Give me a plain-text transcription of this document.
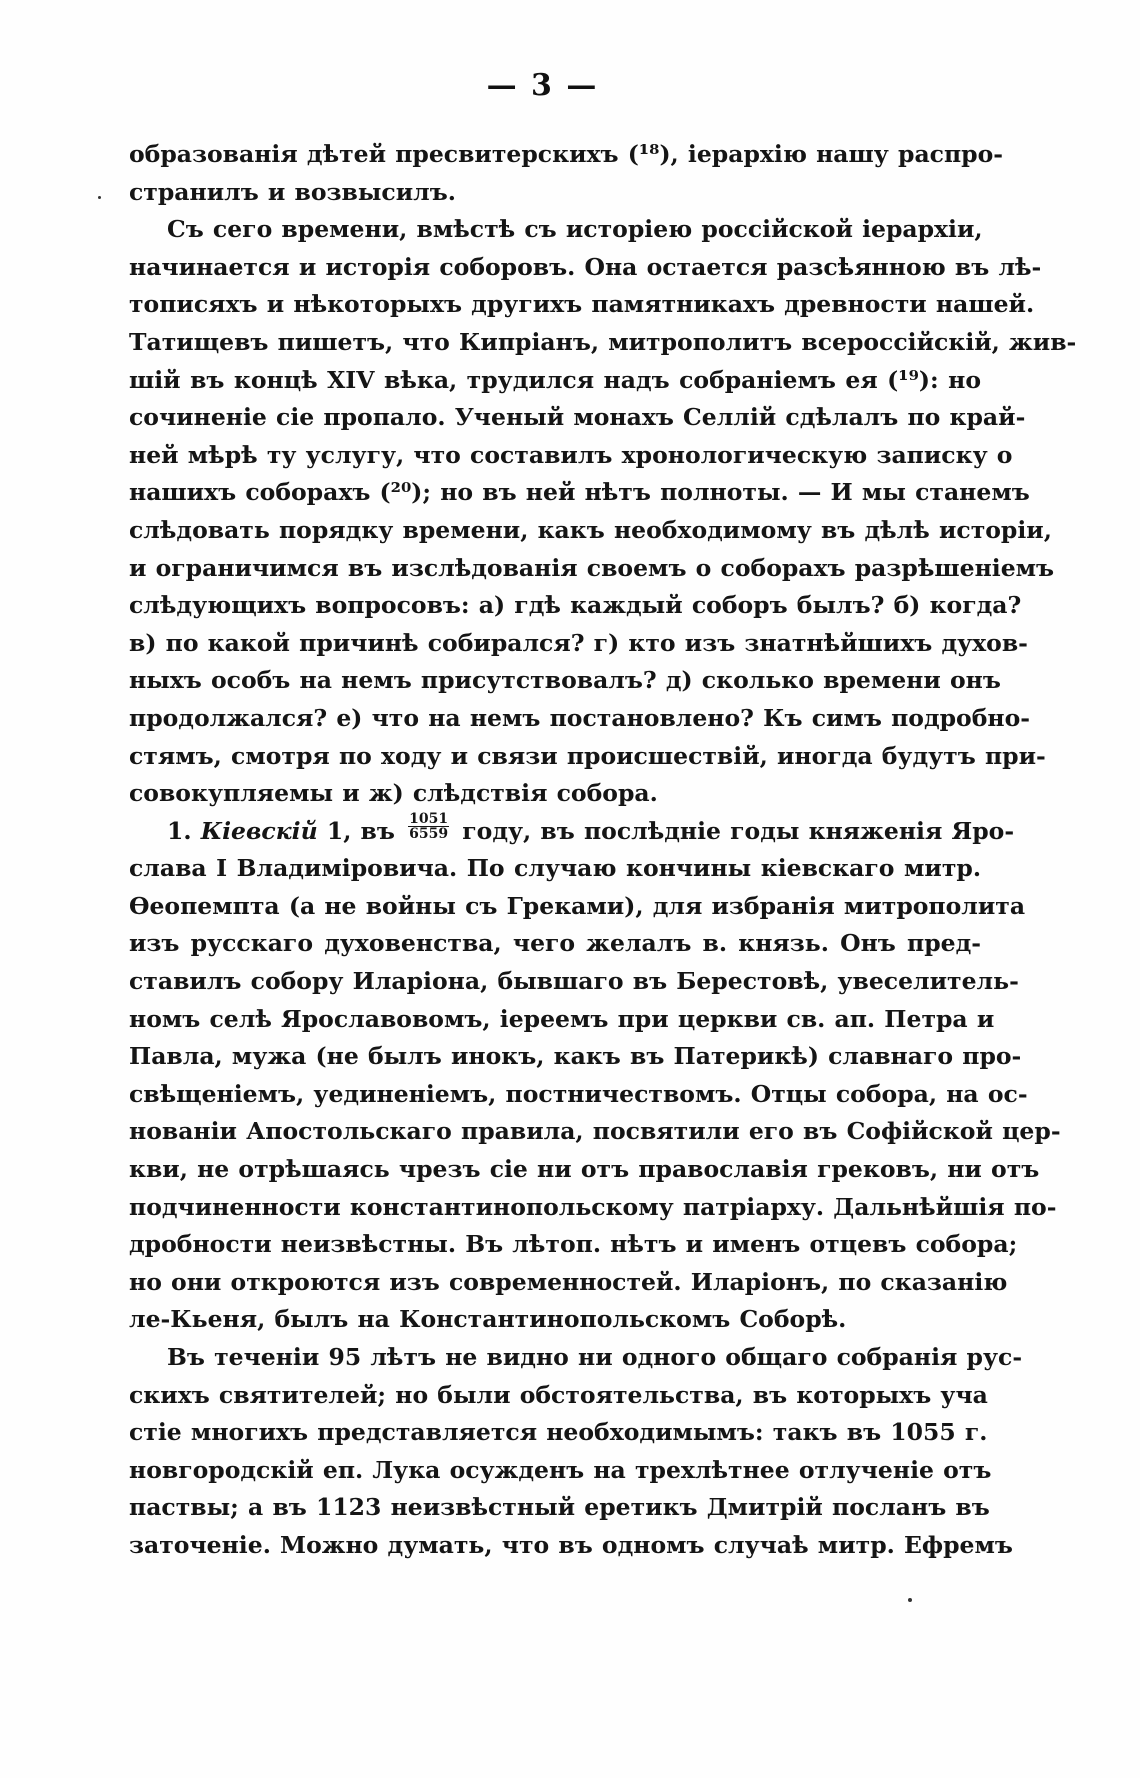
— 3 —

образованія дѣтей пресвитерскихъ (¹⁸), іерархію нашу распро-
странилъ и возвысилъ.

Съ сего времени, вмѣстѣ съ исторіею россійской іерархіи,
начинается и исторія соборовъ. Она остается разсѣянною въ лѣ-
тописяхъ и нѣкоторыхъ другихъ памятникахъ древности нашей.
Татищевъ пишетъ, что Кипріанъ, митрополитъ всероссійскій, жив-
шій въ концѣ XIV вѣка, трудился надъ собраніемъ ея (¹⁹): но
сочиненіе сіе пропало. Ученый монахъ Селлій сдѣлалъ по край-
ней мѣрѣ ту услугу, что составилъ хронологическую записку о
нашихъ соборахъ (²⁰); но въ ней нѣтъ полноты. — И мы станемъ
слѣдовать порядку времени, какъ необходимому въ дѣлѣ исторіи,
и ограничимся въ изслѣдованія своемъ о соборахъ разрѣшеніемъ
слѣдующихъ вопросовъ: а) гдѣ каждый соборъ былъ? б) когда?
в) по какой причинѣ собирался? г) кто изъ знатнѣйшихъ духов-
ныхъ особъ на немъ присутствовалъ? д) сколько времени онъ
продолжался? е) что на немъ постановлено? Къ симъ подробно-
стямъ, смотря по ходу и связи происшествій, иногда будутъ при-
совокупляемы и ж) слѣдствія собора.

1. Кіевскій 1, въ $\frac{1051}{6559}$ году, въ послѣдніе годы княженія Яро-
слава I Владиміровича. По случаю кончины кіевскаго митр.
Ѳеопемпта (а не войны съ Греками), для избранія митрополита
изъ русскаго духовенства, чего желалъ в. князь. Онъ пред-
ставилъ собору Иларіона, бывшаго въ Берестовѣ, увеселитель-
номъ селѣ Ярославовомъ, іереемъ при церкви св. ап. Петра и
Павла, мужа (не былъ инокъ, какъ въ Патерикѣ) славнаго про-
свѣщеніемъ, уединеніемъ, постничествомъ. Отцы собора, на ос-
нованіи Апостольскаго правила, посвятили его въ Софійской цер-
кви, не отрѣшаясь чрезъ сіе ни отъ православія грековъ, ни отъ
подчиненности константинопольскому патріарху. Дальнѣйшія по-
дробности неизвѣстны. Въ лѣтоп. нѣтъ и именъ отцевъ собора;
но они откроются изъ современностей. Иларіонъ, по сказанію
ле-Кьеня, былъ на Константинопольскомъ Соборѣ.

Въ теченіи 95 лѣтъ не видно ни одного общаго собранія рус-
скихъ святителей; но были обстоятельства, въ которыхъ уча
стіе многихъ представляется необходимымъ: такъ въ 1055 г.
новгородскій еп. Лука осужденъ на трехлѣтнее отлученіе отъ
паствы; а въ 1123 неизвѣстный еретикъ Дмитрій посланъ въ
заточеніе. Можно думать, что въ одномъ случаѣ митр. Ефремъ
